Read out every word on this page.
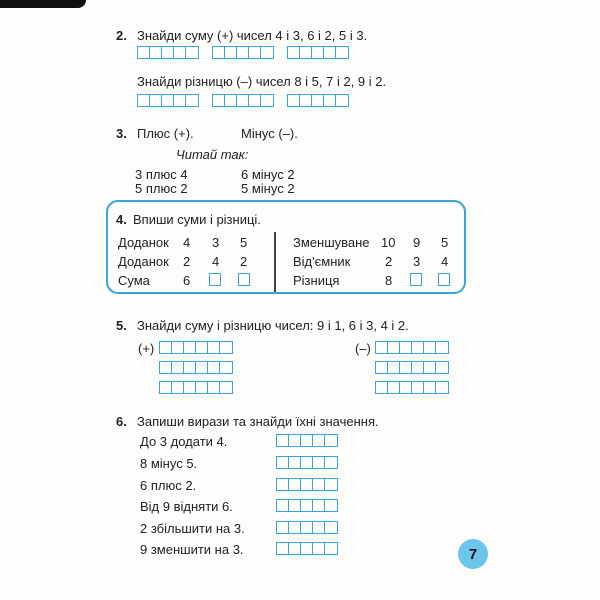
2. Знайди суму (+) чисел 4 і 3, 6 і 2, 5 і 3.
Знайди різницю (–) чисел 8 і 5, 7 і 2, 9 і 2.
3. Плюс (+).	Мінус (–).
Читай так:
3 плюс 4
5 плюс 2
6 мінус 2
5 мінус 2
4. Впиши суми і різниці.
Доданок 4 3 5
Доданок 2 4 2
Сума	6
Зменшуване 10 9 5
Від'ємник	2 3 4
Різниця	8
5. Знайди суму і різницю чисел: 9 і 1, 6 і 3, 4 і 2.
(+)	(–)
6. Запиши вирази та знайди їхні значення.
До 3 додати 4.
8 мінус 5.
6 плюс 2.
Від 9 відняти 6.
2 збільшити на 3.
9 зменшити на 3.	7
